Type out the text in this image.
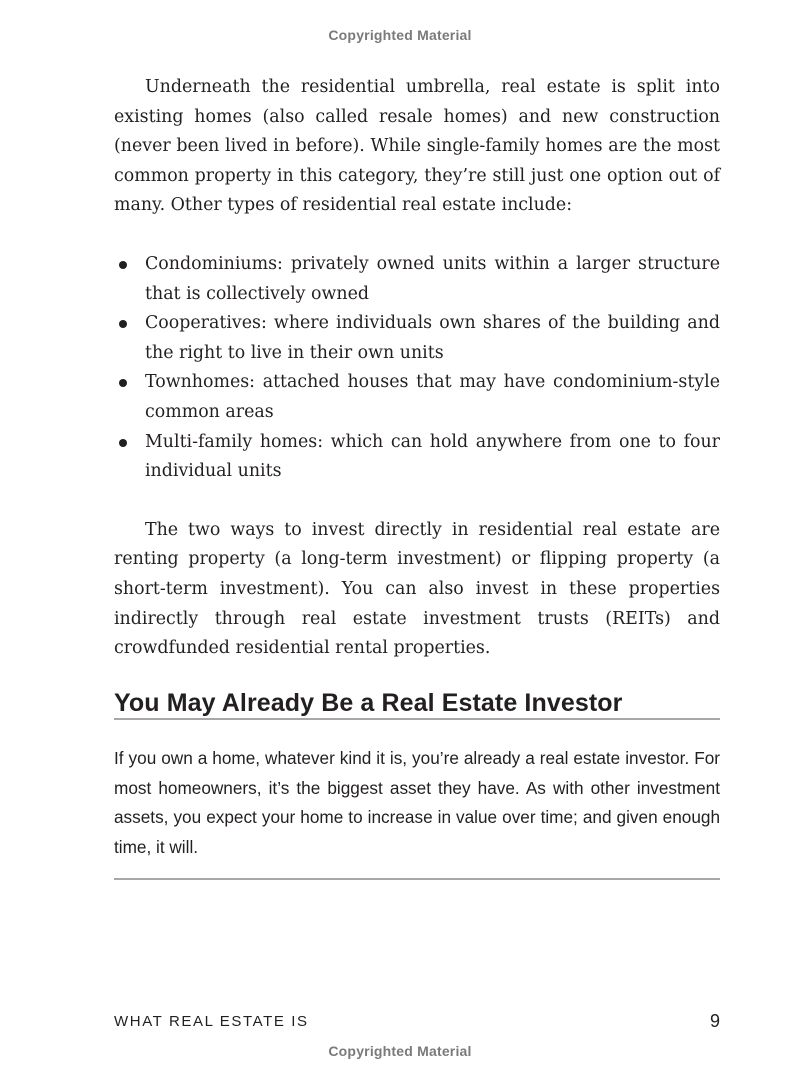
Copyrighted Material

Underneath the residential umbrella, real estate is split into existing homes (also called resale homes) and new construction (never been lived in before). While single-family homes are the most common property in this category, they’re still just one option out of many. Other types of residential real estate include:

Condominiums: privately owned units within a larger structure that is collectively owned
Cooperatives: where individuals own shares of the building and the right to live in their own units
Townhomes: attached houses that may have condominium-style common areas
Multi-family homes: which can hold anywhere from one to four individual units

The two ways to invest directly in residential real estate are renting property (a long-term investment) or flipping property (a short-term investment). You can also invest in these properties indirectly through real estate investment trusts (REITs) and crowdfunded residential rental properties.

You May Already Be a Real Estate Investor

If you own a home, whatever kind it is, you’re already a real estate investor. For most homeowners, it’s the biggest asset they have. As with other investment assets, you expect your home to increase in value over time; and given enough time, it will.

WHAT REAL ESTATE IS	9
Copyrighted Material
